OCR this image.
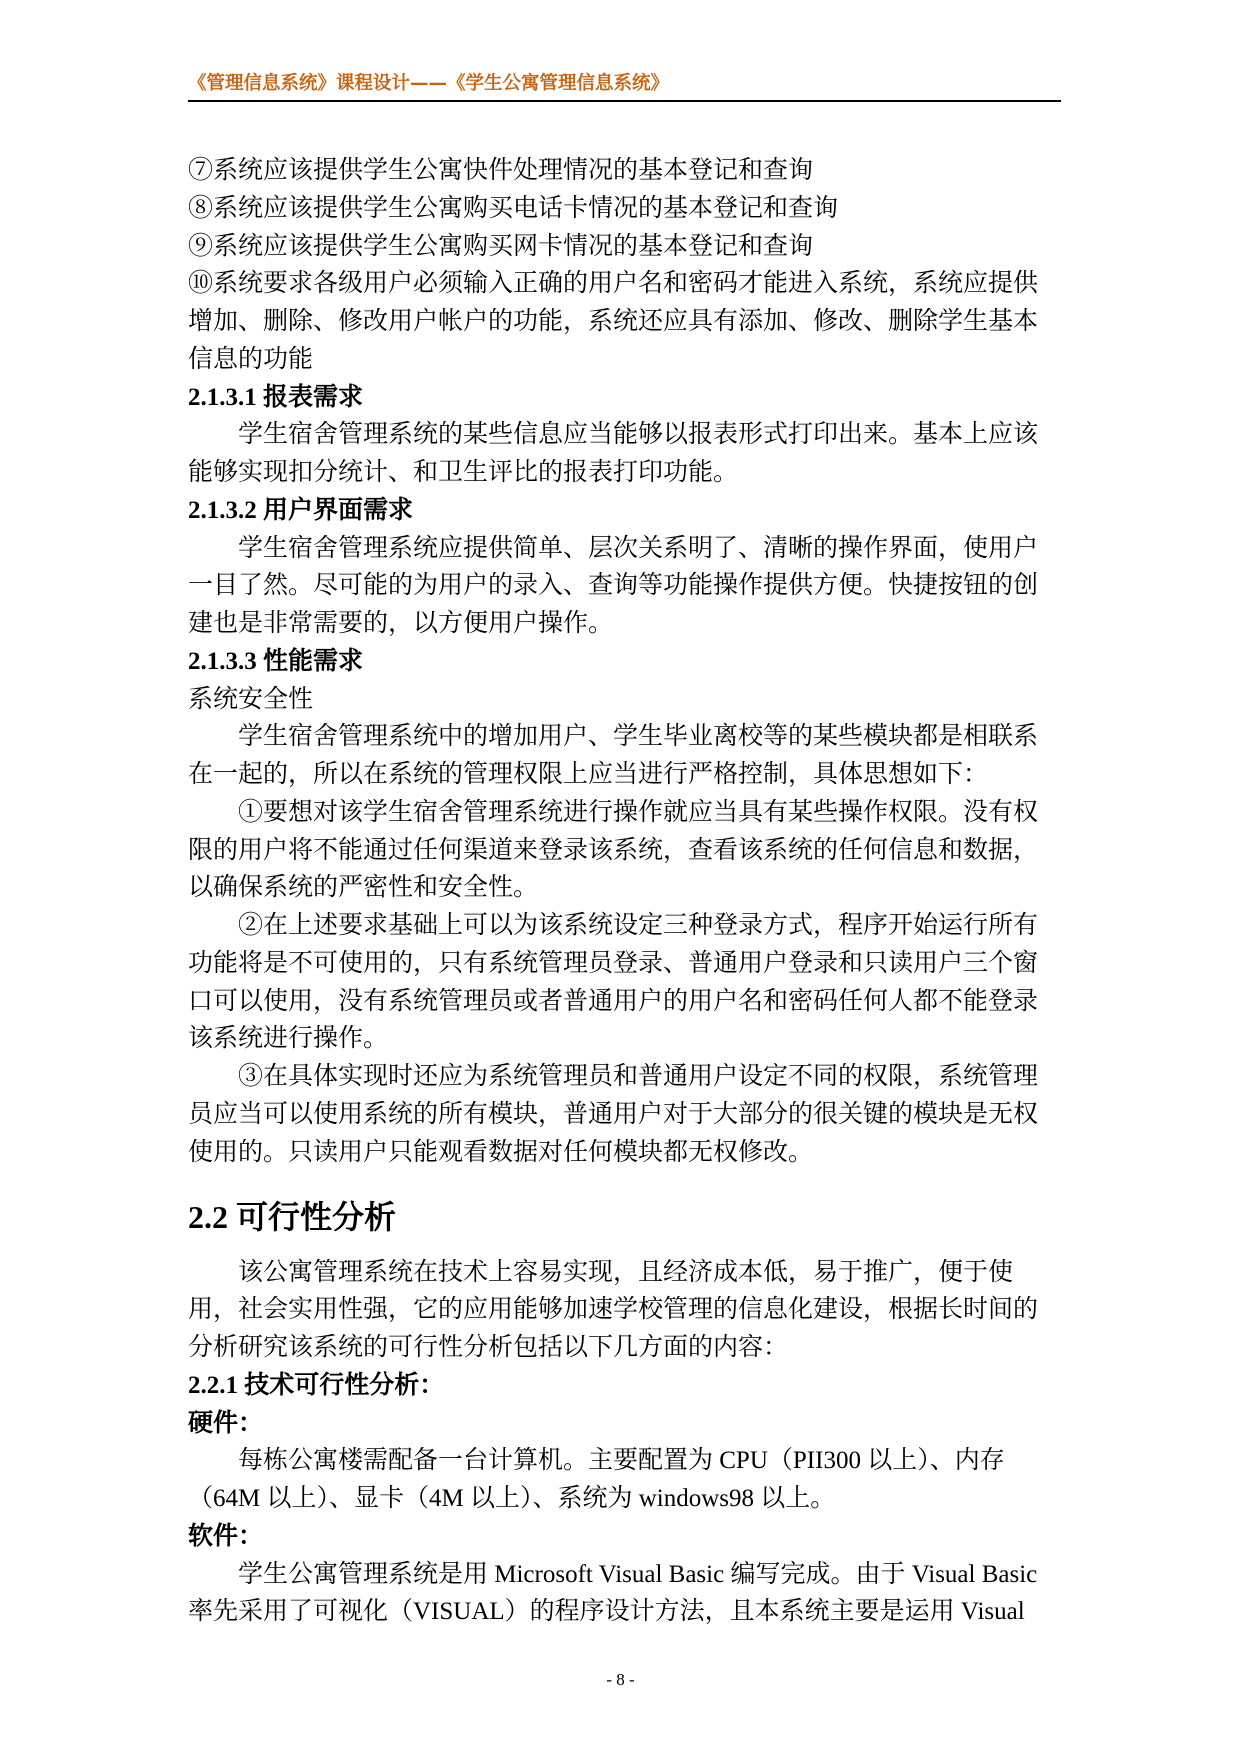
《管理信息系统》课程设计——《学生公寓管理信息系统》
⑦系统应该提供学生公寓快件处理情况的基本登记和查询
⑧系统应该提供学生公寓购买电话卡情况的基本登记和查询
⑨系统应该提供学生公寓购买网卡情况的基本登记和查询
⑩系统要求各级用户必须输入正确的用户名和密码才能进入系统，系统应提供
增加、删除、修改用户帐户的功能，系统还应具有添加、修改、删除学生基本
信息的功能
2.1.3.1 报表需求
学生宿舍管理系统的某些信息应当能够以报表形式打印出来。基本上应该
能够实现扣分统计、和卫生评比的报表打印功能。
2.1.3.2 用户界面需求
学生宿舍管理系统应提供简单、层次关系明了、清晰的操作界面，使用户
一目了然。尽可能的为用户的录入、查询等功能操作提供方便。快捷按钮的创
建也是非常需要的，以方便用户操作。
2.1.3.3 性能需求
系统安全性
学生宿舍管理系统中的增加用户、学生毕业离校等的某些模块都是相联系
在一起的，所以在系统的管理权限上应当进行严格控制，具体思想如下：
①要想对该学生宿舍管理系统进行操作就应当具有某些操作权限。没有权
限的用户将不能通过任何渠道来登录该系统，查看该系统的任何信息和数据，
以确保系统的严密性和安全性。
②在上述要求基础上可以为该系统设定三种登录方式，程序开始运行所有
功能将是不可使用的，只有系统管理员登录、普通用户登录和只读用户三个窗
口可以使用，没有系统管理员或者普通用户的用户名和密码任何人都不能登录
该系统进行操作。
③在具体实现时还应为系统管理员和普通用户设定不同的权限，系统管理
员应当可以使用系统的所有模块，普通用户对于大部分的很关键的模块是无权
使用的。只读用户只能观看数据对任何模块都无权修改。
2.2 可行性分析
该公寓管理系统在技术上容易实现，且经济成本低，易于推广，便于使
用，社会实用性强，它的应用能够加速学校管理的信息化建设，根据长时间的
分析研究该系统的可行性分析包括以下几方面的内容：
2.2.1 技术可行性分析：
硬件：
每栋公寓楼需配备一台计算机。主要配置为 CPU（PII300 以上）、内存
（64M 以上）、显卡（4M 以上）、系统为 windows98 以上。
软件：
学生公寓管理系统是用 Microsoft Visual Basic 编写完成。由于 Visual Basic
率先采用了可视化（VISUAL）的程序设计方法，且本系统主要是运用 Visual
- 8 -
